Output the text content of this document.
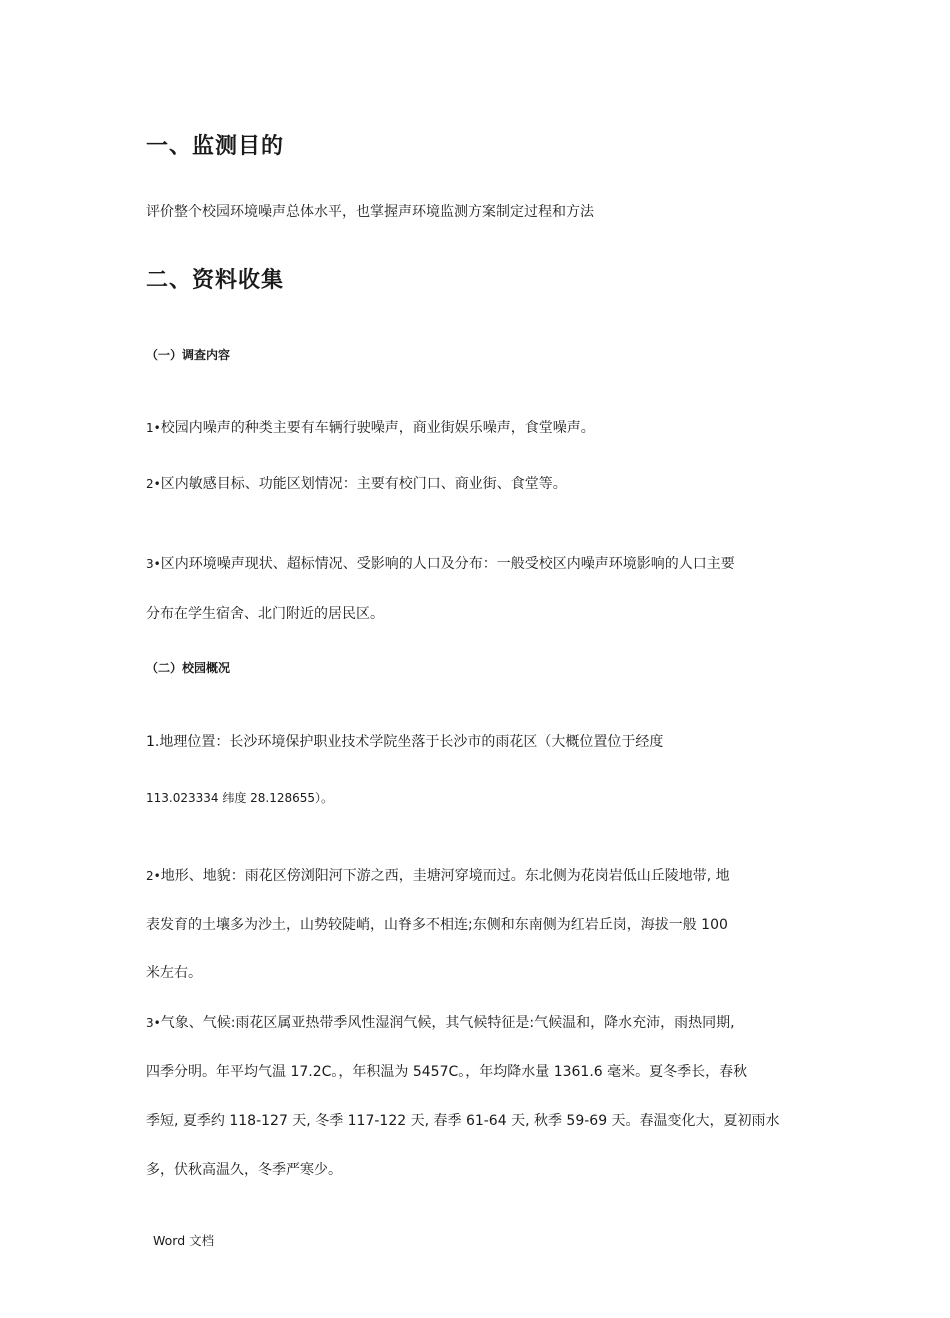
一、监测目的
评价整个校园环境噪声总体水平，也掌握声环境监测方案制定过程和方法
二、资料收集
（一）调查内容
1•校园内噪声的种类主要有车辆行驶噪声，商业街娱乐噪声，食堂噪声。
2•区内敏感目标、功能区划情况：主要有校门口、商业街、食堂等。
3•区内环境噪声现状、超标情况、受影响的人口及分布：一般受校区内噪声环境影响的人口主要
分布在学生宿舍、北门附近的居民区。
（二）校园概况
1.地理位置：长沙环境保护职业技术学院坐落于长沙市的雨花区（大概位置位于经度
113.023334 纬度 28.128655）。
2•地形、地貌：雨花区傍浏阳河下游之西，圭塘河穿境而过。东北侧为花岗岩低山丘陵地带, 地
表发育的土壤多为沙土，山势较陡峭，山脊多不相连;东侧和东南侧为红岩丘岗，海拔一般 100
米左右。
3•气象、气候:雨花区属亚热带季风性湿润气候，其气候特征是:气候温和，降水充沛，雨热同期,
四季分明。年平均气温 17.2C。，年积温为 5457C。，年均降水量 1361.6 毫米。夏冬季长，春秋
季短, 夏季约 118-127 天, 冬季 117-122 天, 春季 61-64 天, 秋季 59-69 天。春温变化大，夏初雨水
多，伏秋高温久，冬季严寒少。
Word 文档
